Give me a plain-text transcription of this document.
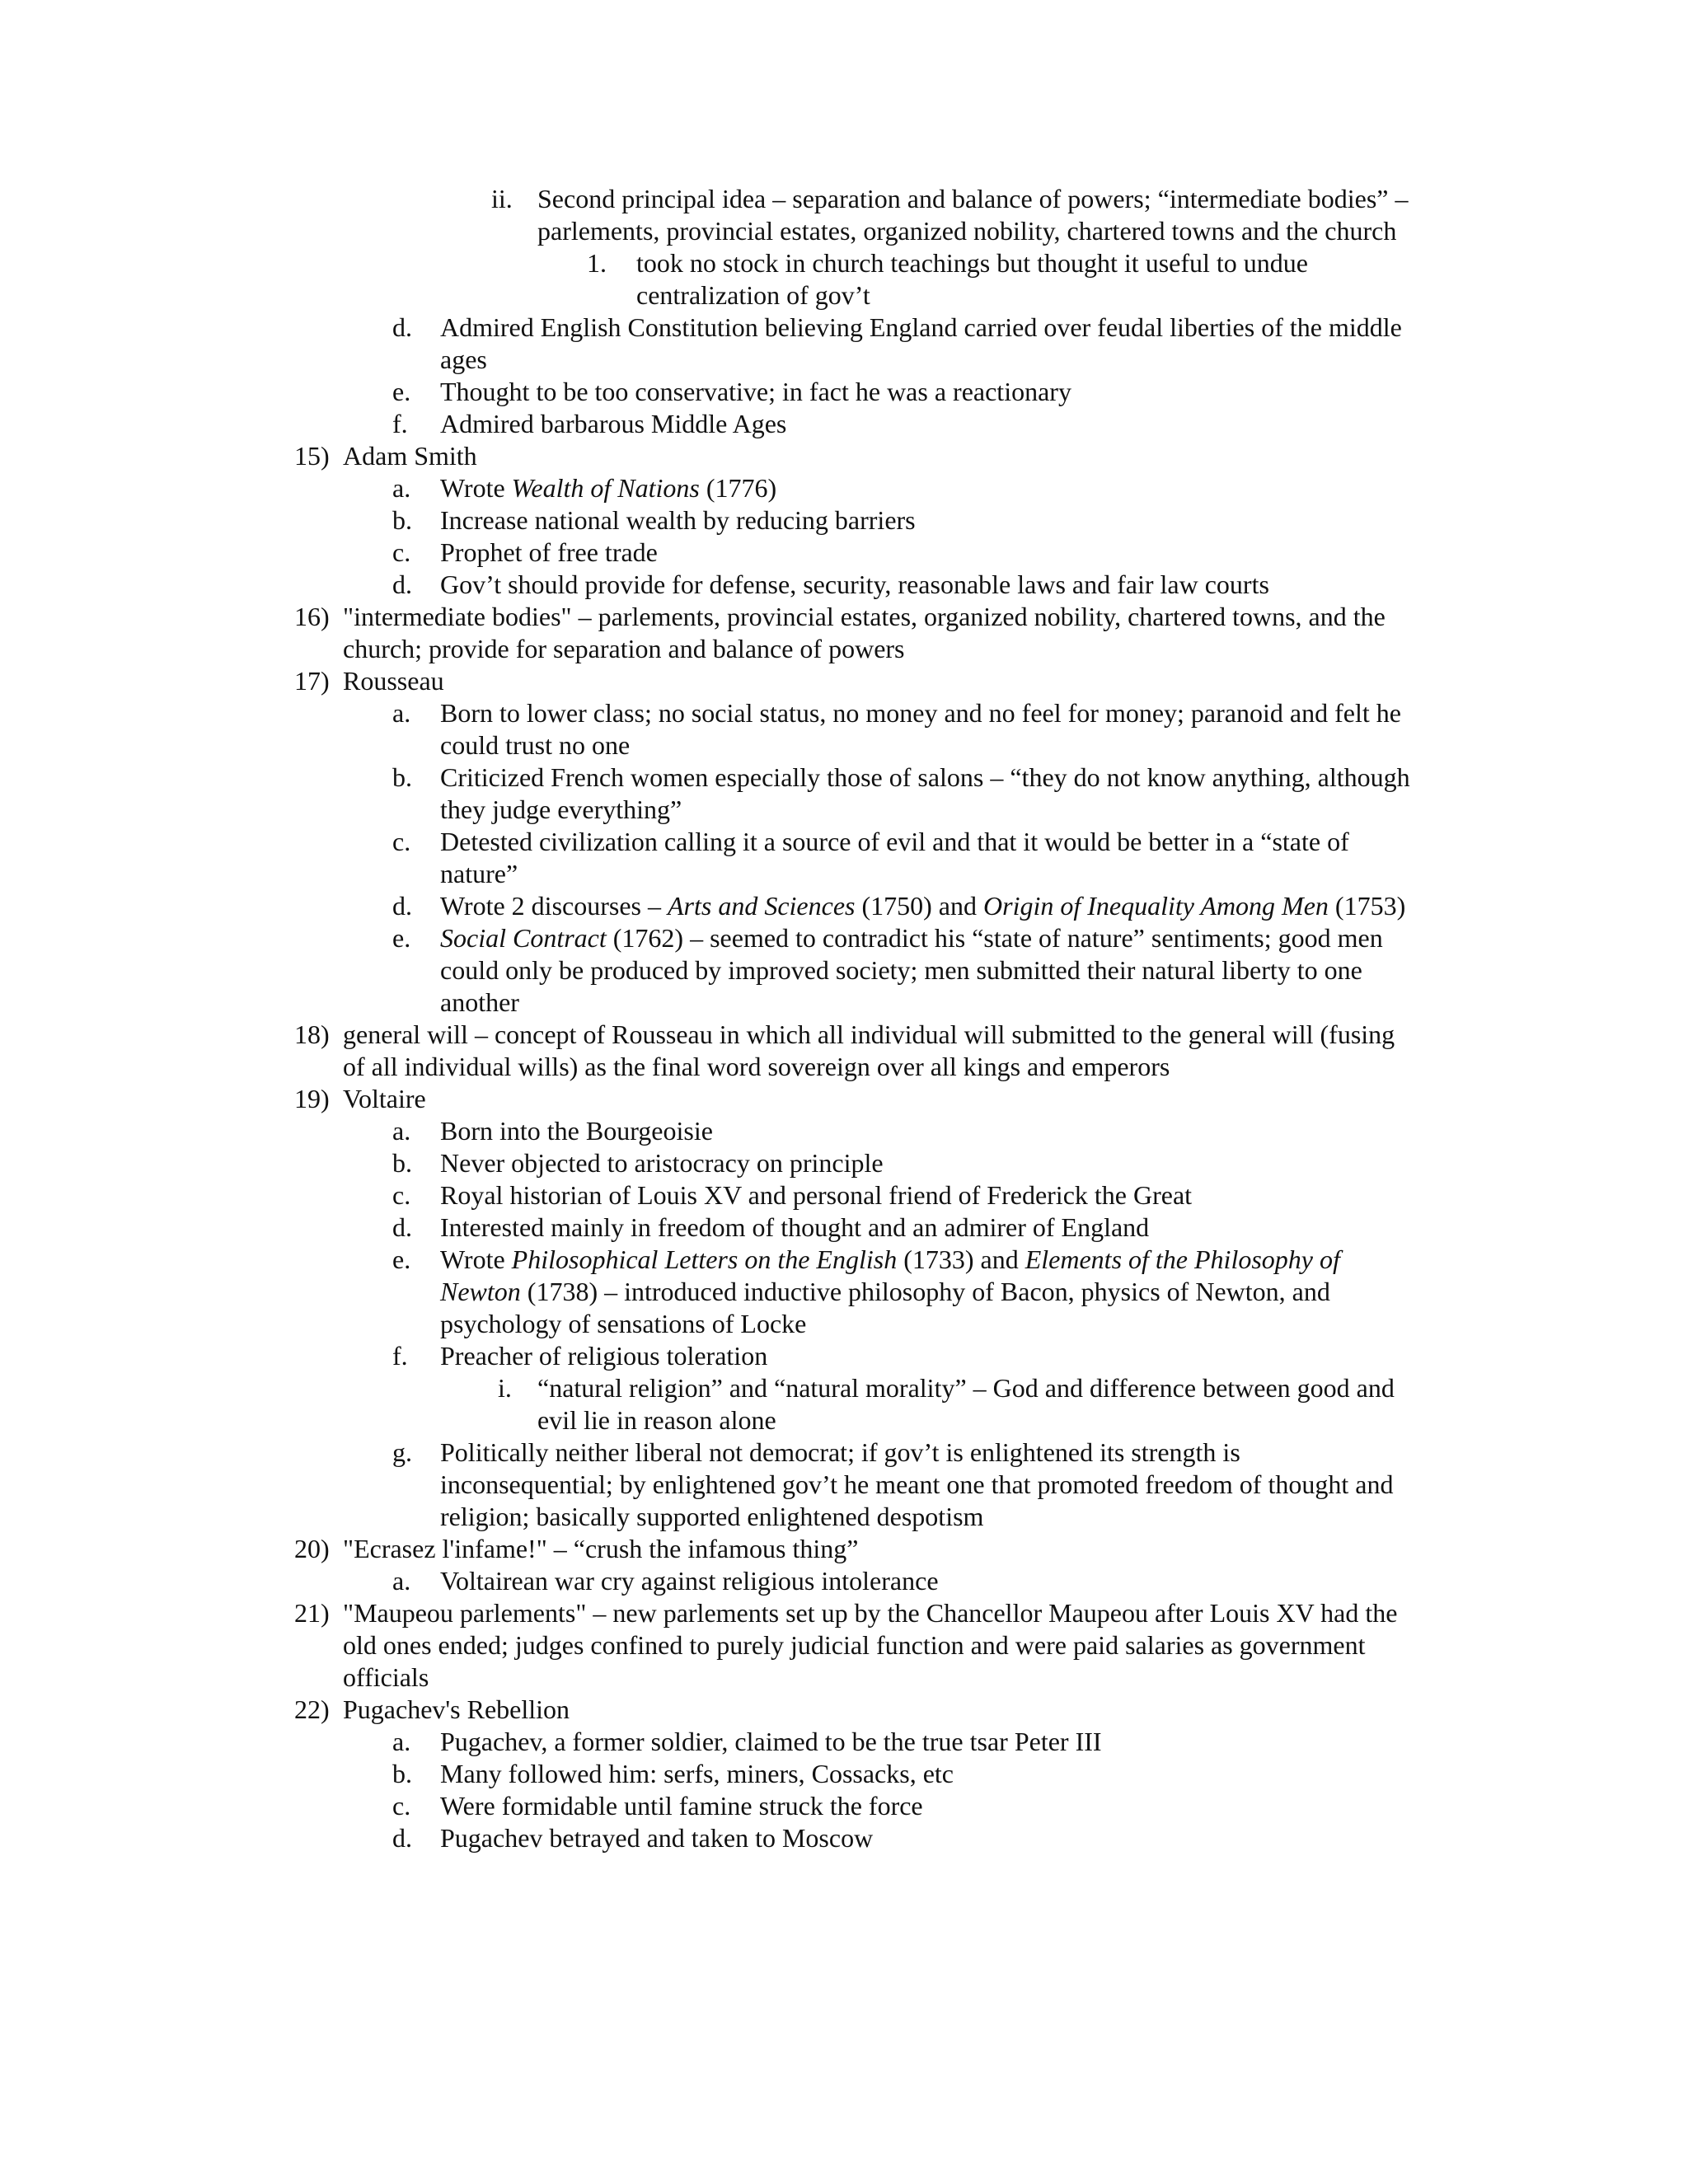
ii. Second principal idea – separation and balance of powers; “intermediate bodies” – parlements, provincial estates, organized nobility, chartered towns and the church
1. took no stock in church teachings but thought it useful to undue centralization of gov’t
d. Admired English Constitution believing England carried over feudal liberties of the middle ages
e. Thought to be too conservative; in fact he was a reactionary
f. Admired barbarous Middle Ages
15) Adam Smith
a. Wrote Wealth of Nations (1776)
b. Increase national wealth by reducing barriers
c. Prophet of free trade
d. Gov’t should provide for defense, security, reasonable laws and fair law courts
16) "intermediate bodies" – parlements, provincial estates, organized nobility, chartered towns, and the church; provide for separation and balance of powers
17) Rousseau
a. Born to lower class; no social status, no money and no feel for money; paranoid and felt he could trust no one
b. Criticized French women especially those of salons – “they do not know anything, although they judge everything”
c. Detested civilization calling it a source of evil and that it would be better in a “state of nature”
d. Wrote 2 discourses – Arts and Sciences (1750) and Origin of Inequality Among Men (1753)
e. Social Contract (1762) – seemed to contradict his “state of nature” sentiments; good men could only be produced by improved society; men submitted their natural liberty to one another
18) general will – concept of Rousseau in which all individual will submitted to the general will (fusing of all individual wills) as the final word sovereign over all kings and emperors
19) Voltaire
a. Born into the Bourgeoisie
b. Never objected to aristocracy on principle
c. Royal historian of Louis XV and personal friend of Frederick the Great
d. Interested mainly in freedom of thought and an admirer of England
e. Wrote Philosophical Letters on the English (1733) and Elements of the Philosophy of Newton (1738) – introduced inductive philosophy of Bacon, physics of Newton, and psychology of sensations of Locke
f. Preacher of religious toleration
i. “natural religion” and “natural morality” – God and difference between good and evil lie in reason alone
g. Politically neither liberal not democrat; if gov’t is enlightened its strength is inconsequential; by enlightened gov’t he meant one that promoted freedom of thought and religion; basically supported enlightened despotism
20) "Ecrasez l'infame!" – “crush the infamous thing”
a. Voltairean war cry against religious intolerance
21) "Maupeou parlements" – new parlements set up by the Chancellor Maupeou after Louis XV had the old ones ended; judges confined to purely judicial function and were paid salaries as government officials
22) Pugachev's Rebellion
a. Pugachev, a former soldier, claimed to be the true tsar Peter III
b. Many followed him: serfs, miners, Cossacks, etc
c. Were formidable until famine struck the force
d. Pugachev betrayed and taken to Moscow
